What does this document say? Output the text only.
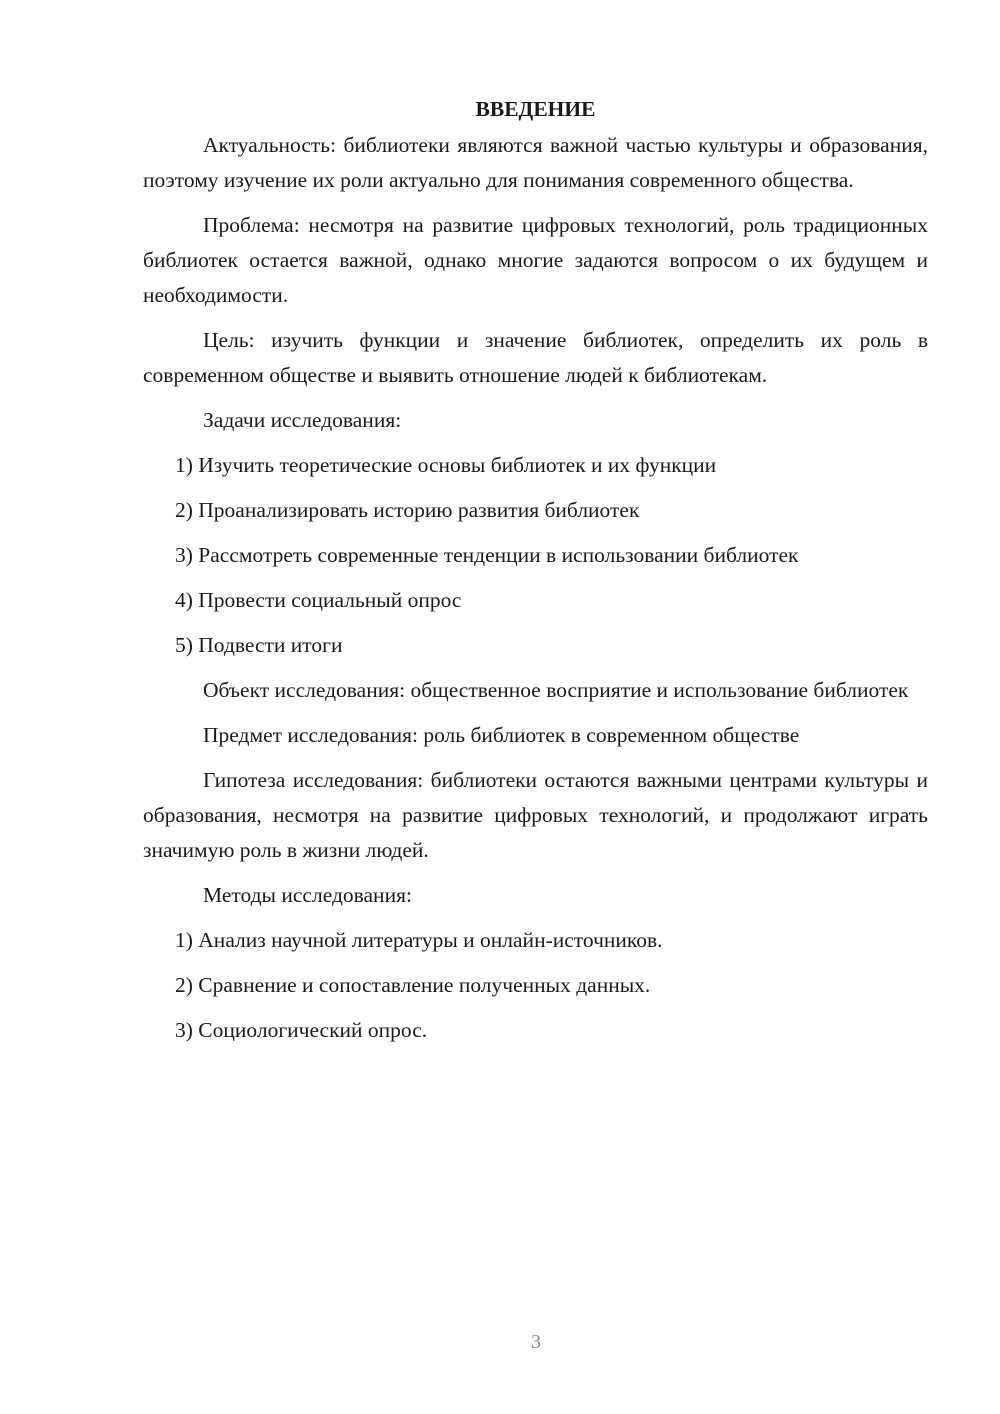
ВВЕДЕНИЕ

Актуальность: библиотеки являются важной частью культуры и образования, поэтому изучение их роли актуально для понимания современного общества.

Проблема: несмотря на развитие цифровых технологий, роль традиционных библиотек остается важной, однако многие задаются вопросом о их будущем и необходимости.

Цель: изучить функции и значение библиотек, определить их роль в современном обществе и выявить отношение людей к библиотекам.

Задачи исследования:

1) Изучить теоретические основы библиотек и их функции
2) Проанализировать историю развития библиотек
3) Рассмотреть современные тенденции в использовании библиотек
4) Провести социальный опрос
5) Подвести итоги

Объект исследования: общественное восприятие и использование библиотек

Предмет исследования: роль библиотек в современном обществе

Гипотеза исследования: библиотеки остаются важными центрами культуры и образования, несмотря на развитие цифровых технологий, и продолжают играть значимую роль в жизни людей.

Методы исследования:

1) Анализ научной литературы и онлайн-источников.
2) Сравнение и сопоставление полученных данных.
3) Социологический опрос.
3
